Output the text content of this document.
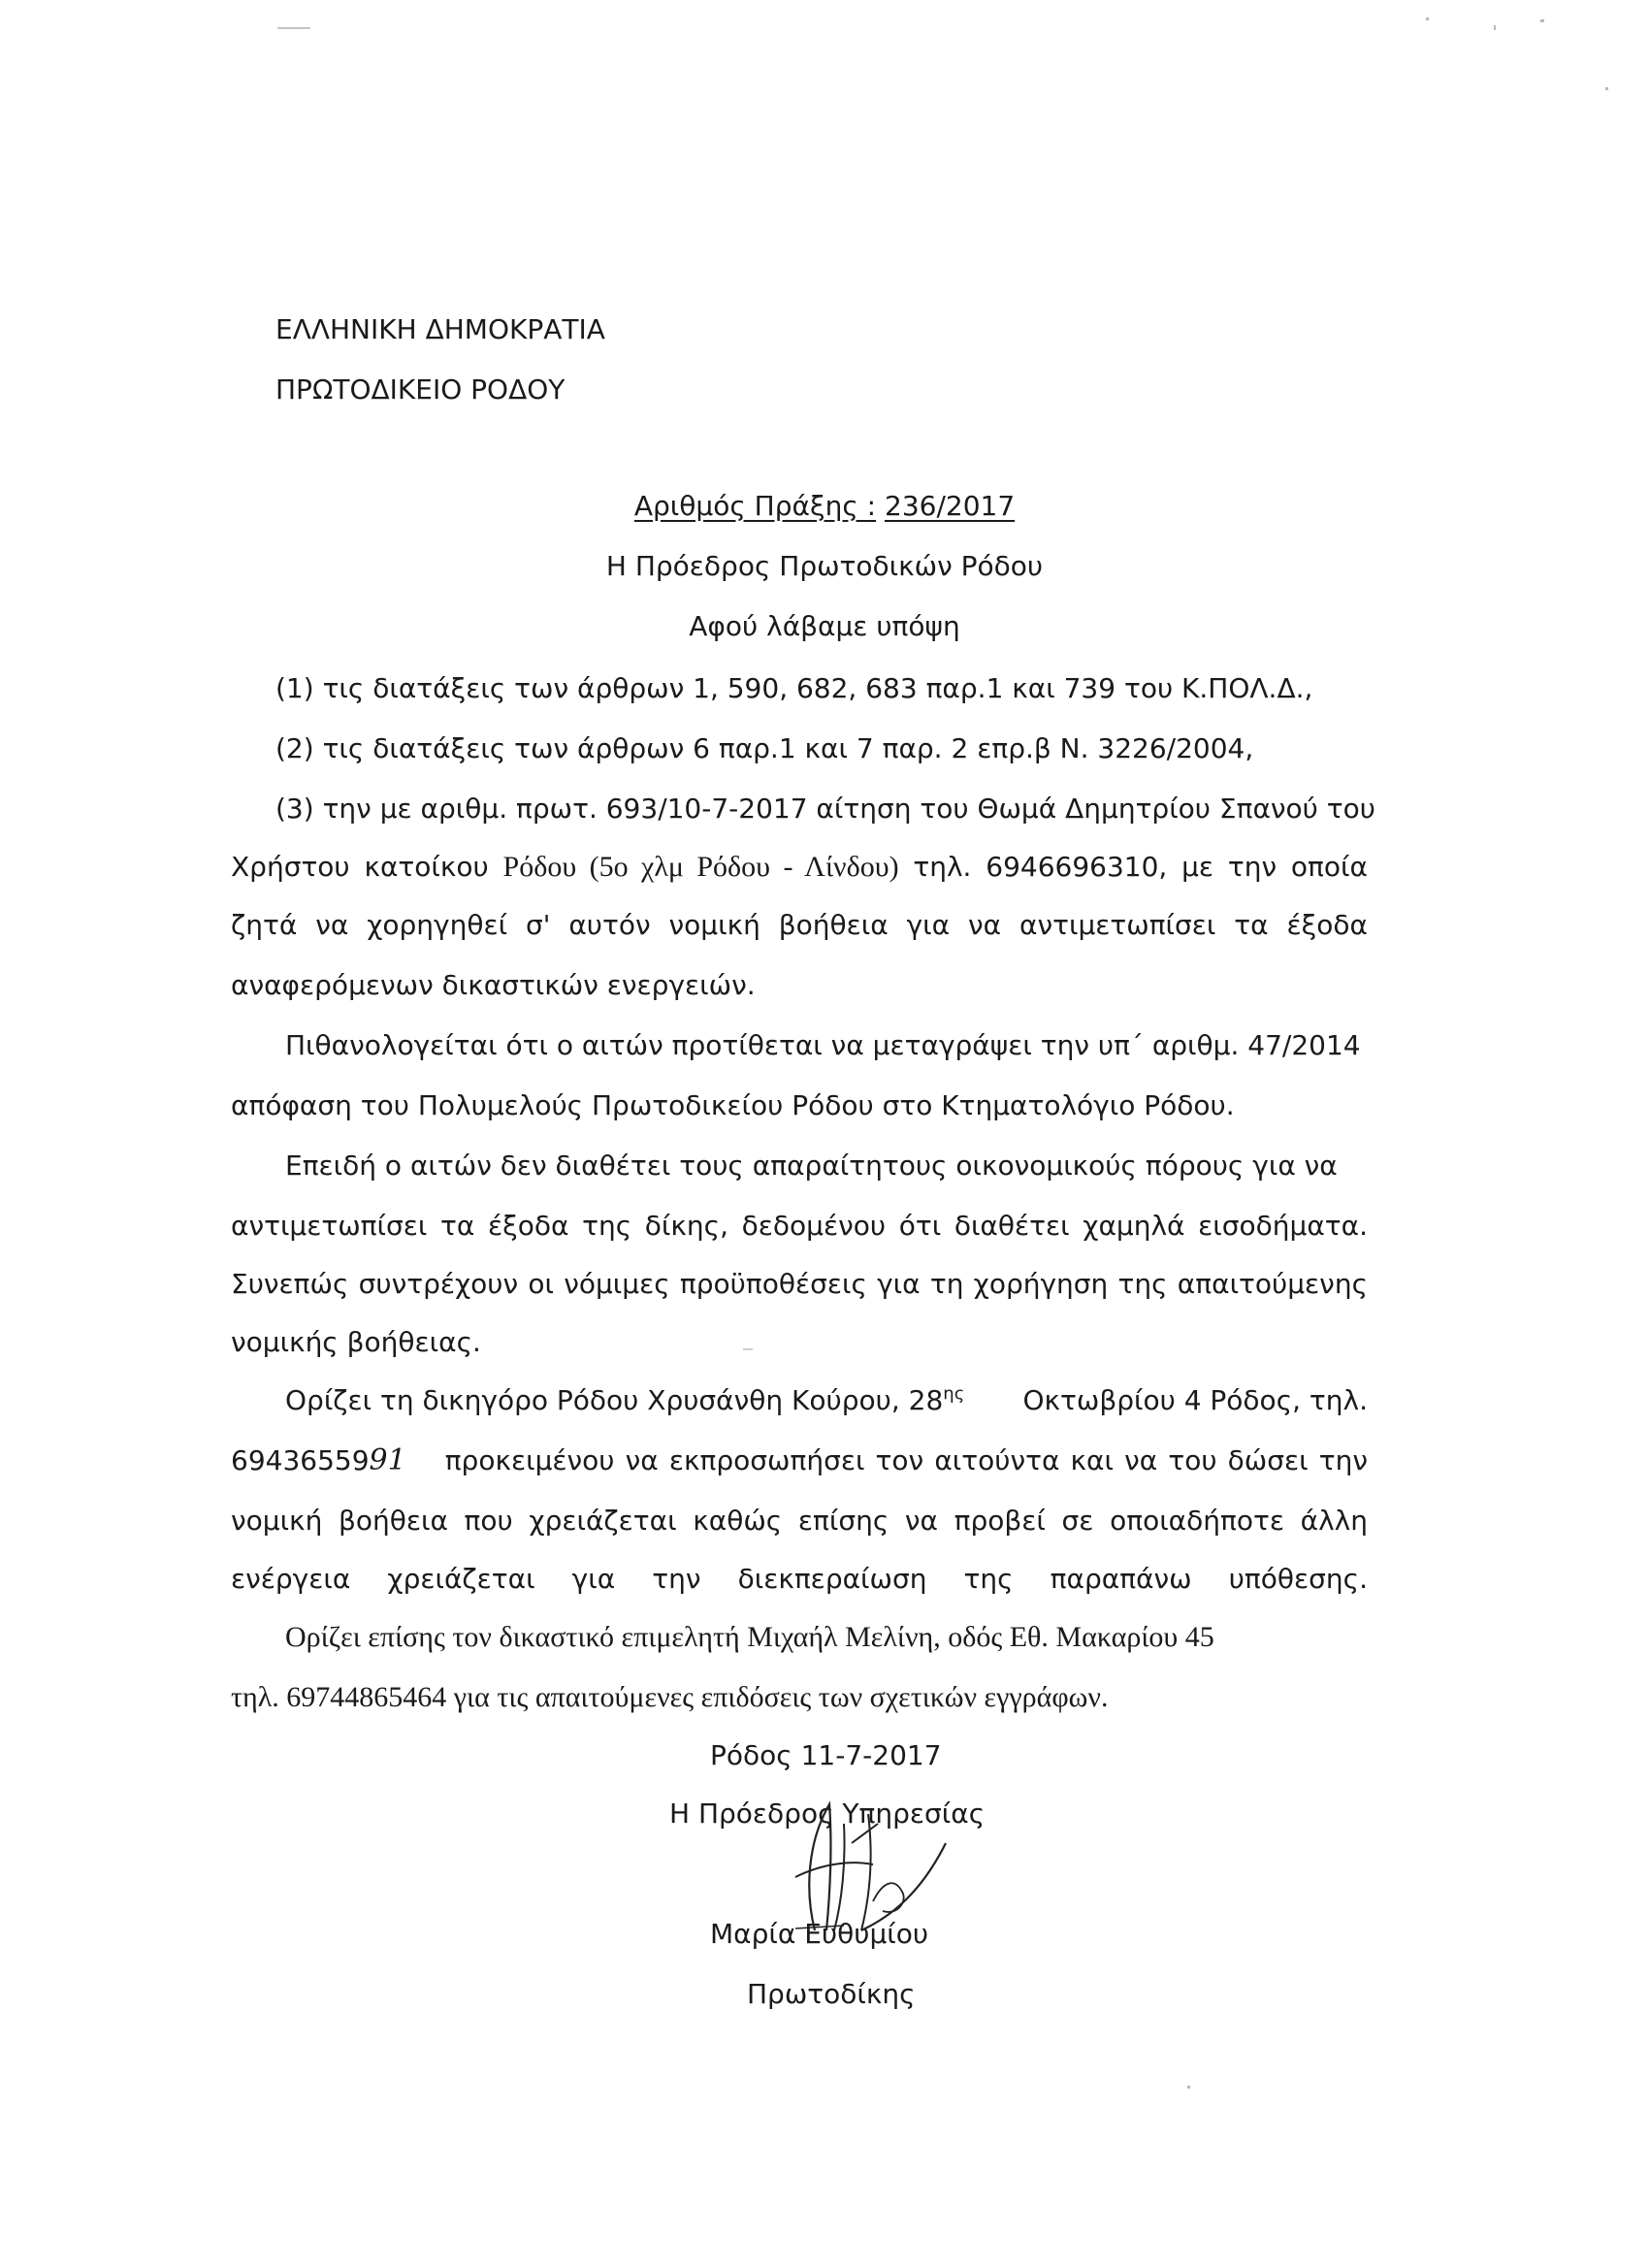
ΕΛΛΗΝΙΚΗ ΔΗΜΟΚΡΑΤΙΑ
ΠΡΩΤΟΔΙΚΕΙΟ ΡΟΔΟΥ
Αριθμός Πράξης : 236/2017
Η Πρόεδρος Πρωτοδικών Ρόδου
Αφού λάβαμε υπόψη
(1) τις διατάξεις των άρθρων 1, 590, 682, 683 παρ.1 και 739 του Κ.ΠΟΛ.Δ.,
(2) τις διατάξεις των άρθρων 6 παρ.1 και 7 παρ. 2 επρ.β Ν. 3226/2004,
(3) την με αριθμ. πρωτ. 693/10-7-2017 αίτηση του Θωμά Δημητρίου Σπανού του
Χρήστου κατοίκου Ρόδου (5ο χλμ Ρόδου - Λίνδου) τηλ. 6946696310, με την οποία
ζητά να χορηγηθεί σ' αυτόν νομική βοήθεια για να αντιμετωπίσει τα έξοδα
αναφερόμενων δικαστικών ενεργειών.
Πιθανολογείται ότι ο αιτών προτίθεται να μεταγράψει την υπ΄ αριθμ. 47/2014
απόφαση του Πολυμελούς Πρωτοδικείου Ρόδου στο Κτηματολόγιο Ρόδου.
Επειδή ο αιτών δεν διαθέτει τους απαραίτητους οικονομικούς πόρους για να
αντιμετωπίσει τα έξοδα της δίκης, δεδομένου ότι διαθέτει χαμηλά εισοδήματα.
Συνεπώς συντρέχουν οι νόμιμες προϋποθέσεις για τη χορήγηση της απαιτούμενης
νομικής βοήθειας.
Ορίζει τη δικηγόρο Ρόδου Χρυσάνθη Κούρου, $28^{\eta\varsigma}$ Οκτωβρίου 4 Ρόδος, τηλ.
6943655991 προκειμένου να εκπροσωπήσει τον αιτούντα και να του δώσει την
νομική βοήθεια που χρειάζεται καθώς επίσης να προβεί σε οποιαδήποτε άλλη
ενέργεια χρειάζεται για την διεκπεραίωση της παραπάνω υπόθεσης.
Ορίζει επίσης τον δικαστικό επιμελητή Μιχαήλ Μελίνη, οδός Εθ. Μακαρίου 45
τηλ. 69744865464 για τις απαιτούμενες επιδόσεις των σχετικών εγγράφων.
Ρόδος 11-7-2017
Η Πρόεδρος Υπηρεσίας
Μαρία Ευθυμίου
Πρωτοδίκης
